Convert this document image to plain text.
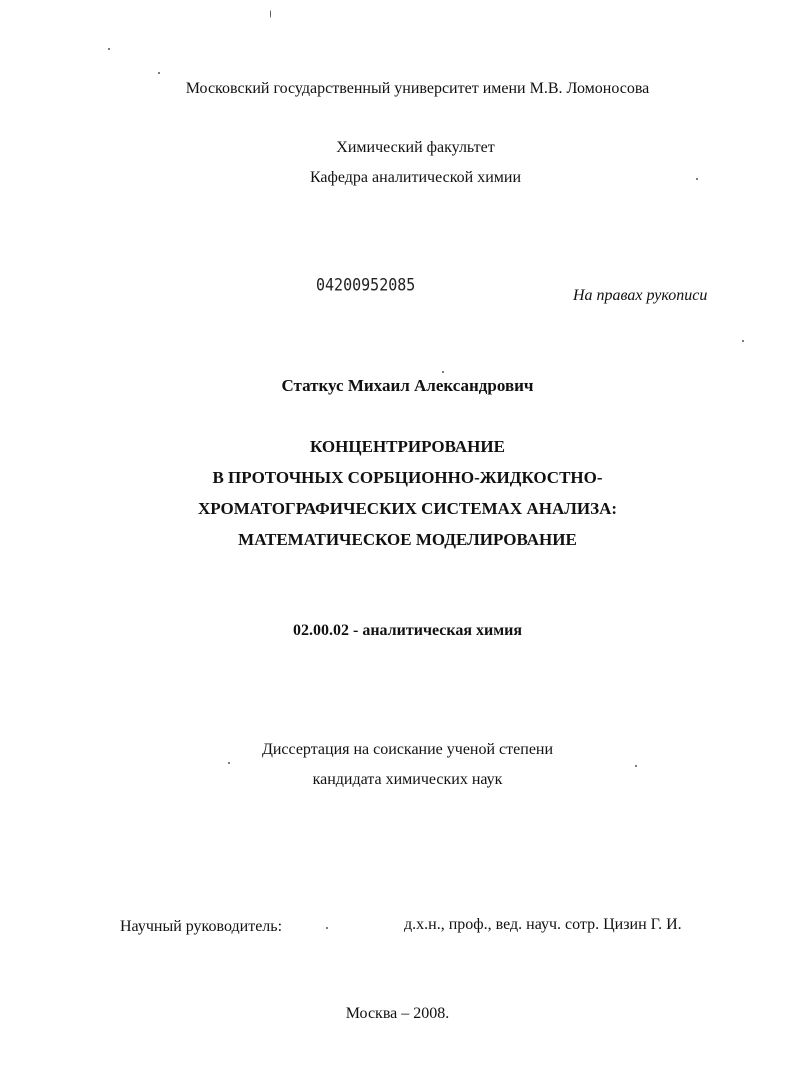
Московский государственный университет имени М.В. Ломоносова
Химический факультет
Кафедра аналитической химии
04200952085
На правах рукописи
Статкус Михаил Александрович
КОНЦЕНТРИРОВАНИЕ
В ПРОТОЧНЫХ СОРБЦИОННО-ЖИДКОСТНО-
ХРОМАТОГРАФИЧЕСКИХ СИСТЕМАХ АНАЛИЗА:
МАТЕМАТИЧЕСКОЕ МОДЕЛИРОВАНИЕ
02.00.02 - аналитическая химия
Диссертация на соискание ученой степени
кандидата химических наук
Научный руководитель:	д.х.н., проф., вед. науч. сотр. Цизин Г. И.
Москва – 2008.
